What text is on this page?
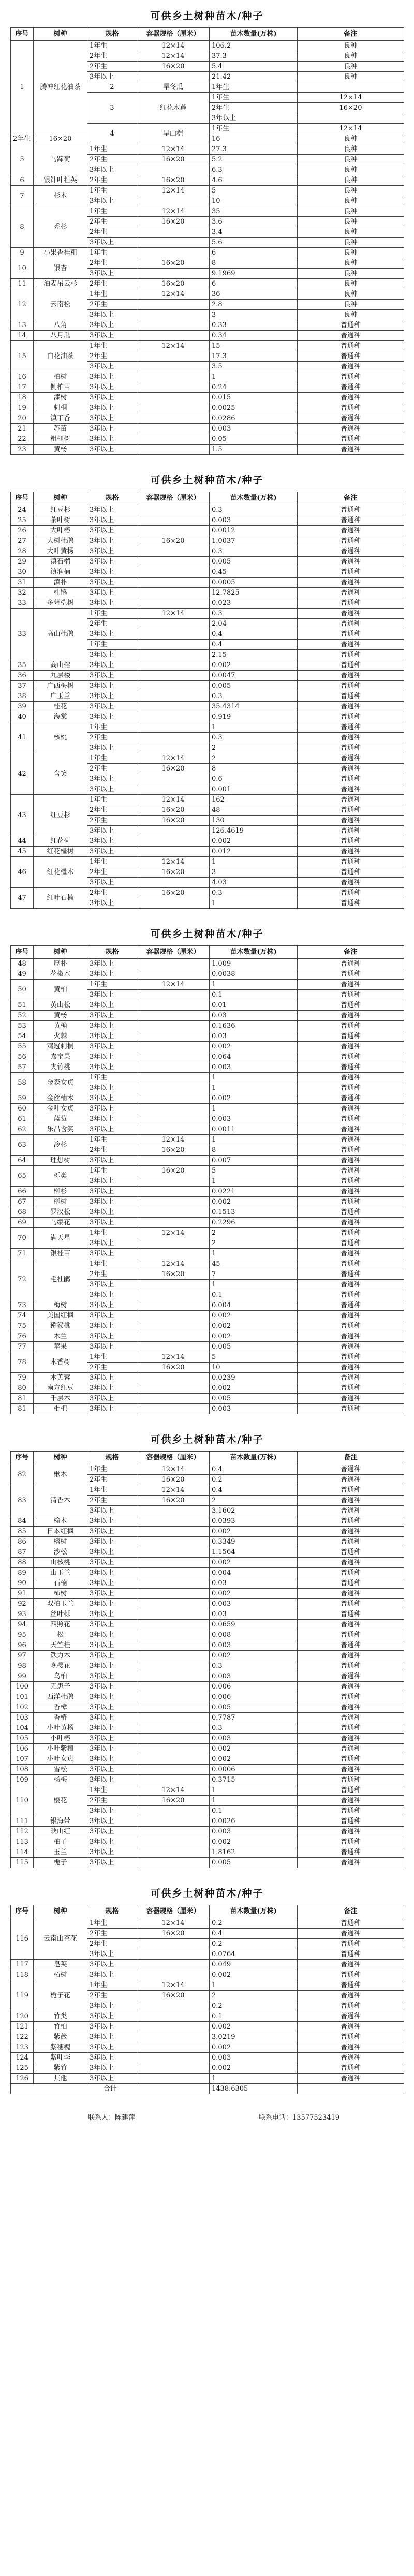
可供乡土树种苗木/种子
序号	树种	规格	容器规格（厘米）	苗木数量(万株)	备注	
1	腾冲红花油茶	1年生	12×14	106.2	良种	
		2年生	12×14	37.3	良种	
		2年生	16×20	5.4	良种	
		3年以上		21.42	良种	
		2	旱冬瓜	1年生			
		3	红花木莲	1年生	12×14		
				2年生	16×20		
				3年以上			
		4	旱山桤	1年生	12×14		
2年生	16×20			16	良种	
5	马蹄荷	1年生	12×14	27.3	良种	
		2年生	16×20	5.2	良种	
		3年以上		6.3	良种	
6	银针叶杜英	2年生	16×20	4.6	良种	
7	杉木	1年生	12×14	5	良种	
		3年以上		10	良种	
8	秃杉	1年生	12×14	35	良种	
		2年生	16×20	3.6	良种	
		2年生		3.4	良种	
		3年以上		5.6	良种	
9	小果香桂粗	1年生		6	良种	
10	银杏	2年生	16×20	8	良种	
		3年以上		9.1969	良种	
11	油麦吊云杉	2年生	16×20	6	良种	
12	云南松	1年生	12×14	36	良种	
		2年生		2.8	良种	
		3年以上		3	良种	
13	八角	3年以上		0.33	普通种	
14	八月瓜	3年以上		0.34	普通种	
15	白花油茶	1年生	12×14	15	普通种	
		2年生		17.3	普通种	
		3年以上		3.5	普通种	
16	柏树	3年以上		1	普通种	
17	侧柏苗	3年以上		0.24	普通种	
18	漆树	3年以上		0.015	普通种	
19	刺桐	3年以上		0.0025	普通种	
20	滇丁香	3年以上		0.0286	普通种	
21	苏苗	3年以上		0.003	普通种	
22	粗榧树	3年以上		0.05	普通种	
23	黄杨	3年以上		1.5	普通种	
可供乡土树种苗木/种子
序号	树种	规格	容器规格（厘米）	苗木数量(万株)	备注
24	红豆杉	3年以上		0.3	普通种
25	茶叶树	3年以上		0.003	普通种
26	大叶榕	3年以上		0.0012	普通种
27	大树杜鹃	3年以上	16×20	1.0037	普通种
28	大叶黄杨	3年以上		0.3	普通种
29	滇石榴	3年以上		0.005	普通种
30	滇润楠	3年以上		0.45	普通种
31	滇朴	3年以上		0.0005	普通种
32	杜鹃	3年以上		12.7825	普通种
33	多萼桤树	3年以上		0.023	普通种
33	高山杜鹃	1年生	12×14	0.3	普通种
		2年生		2.04	普通种
		3年以上		0.4	普通种
		1年生		0.4	普通种
		3年以上		2.15	普通种
35	高山榕	3年以上		0.002	普通种
36	九层楼	3年以上		0.0047	普通种
37	广西梅树	3年以上		0.005	普通种
38	广玉兰	3年以上		0.3	普通种
39	桂花	3年以上		35.4314	普通种
40	海棠	3年以上		0.919	普通种
41	核桃	1年生		1	普通种
		2年生		0.3	普通种
		3年以上		2	普通种
42	含笑	1年生	12×14	2	普通种
		2年生	16×20	8	普通种
		3年以上		0.6	普通种
		3年以上		0.001	普通种
43	红豆杉	1年生	12×14	162	普通种
		2年生	16×20	48	普通种
		2年生	16×20	130	普通种
		3年以上		126.4619	普通种
44	红花荷	3年以上		0.002	普通种
45	红花檵树	3年以上		0.012	普通种
46	红花檵木	1年生	12×14	1	普通种
		2年生	16×20	3	普通种
		3年以上		4.03	普通种
47	红叶石楠	2年生	16×20	0.3	普通种
		3年以上		1	普通种
可供乡土树种苗木/种子
序号	树种	规格	容器规格（厘米）	苗木数量(万株)	备注
48	厚朴	3年以上		1.009	普通种
49	花椒木	3年以上		0.0038	普通种
50	黄柏	1年生	12×14	1	普通种
		3年以上		0.1	普通种
51	黄山松	3年以上		0.01	普通种
52	黄杨	3年以上		0.03	普通种
53	黄桷	3年以上		0.1636	普通种
54	火棘	3年以上		0.03	普通种
55	鸡冠刺桐	3年以上		0.002	普通种
56	嘉宝果	3年以上		0.064	普通种
57	夹竹桃	3年以上		0.003	普通种
58	金森女贞	1年生		1	普通种
		3年以上		1	普通种
59	金丝楠木	3年以上		0.002	普通种
60	金叶女贞	3年以上		1	普通种
61	蓝莓	3年以上		0.003	普通种
62	乐昌含笑	3年以上		0.0011	普通种
63	冷杉	1年生	12×14	1	普通种
		2年生	16×20	8	普通种
64	理想树	3年以上		0.007	普通种
65	栎类	1年生	16×20	5	普通种
		3年以上		1	普通种
66	柳杉	3年以上		0.0221	普通种
67	柳树	3年以上		0.002	普通种
68	罗汉松	3年以上		0.1513	普通种
69	马缨花	3年以上		0.2296	普通种
70	满天星	1年生	12×14	2	普通种
		3年以上		2	普通种
71	银桂苗	3年以上		1	普通种
72	毛杜鹃	1年生	12×14	45	普通种
		2年生	16×20	7	普通种
		3年以上		1	普通种
		3年以上		0.1	普通种
73	梅树	3年以上		0.004	普通种
74	美国红枫	3年以上		0.002	普通种
75	猕猴桃	3年以上		0.002	普通种
76	木兰	3年以上		0.002	普通种
77	苹果	3年以上		0.005	普通种
78	木香树	1年生	12×14	5	普通种
		2年生	16×20	10	普通种
79	木芙蓉	3年以上		0.0239	普通种
80	南方红豆	3年以上		0.002	普通种
81	千层木	3年以上		0.005	普通种
81	枇杷	3年以上		0.003	普通种
可供乡土树种苗木/种子
序号	树种	规格	容器规格（厘米）	苗木数量(万株)	备注
82	楸木	1年生	12×14	0.4	普通种
		2年生	16×20	0.2	普通种
83	清香木	1年生	12×14	0.4	普通种
		2年生	16×20	2	普通种
		3年以上		3.1602	普通种
84	榆木	3年以上		0.0393	普通种
85	日本红枫	3年以上		0.002	普通种
86	榕树	3年以上		0.3349	普通种
87	沙松	3年以上		1.1564	普通种
88	山核桃	3年以上		0.002	普通种
89	山玉兰	3年以上		0.004	普通种
90	石楠	3年以上		0.03	普通种
91	柿树	3年以上		0.002	普通种
92	双柏玉兰	3年以上		0.003	普通种
93	丝叶栎	3年以上		0.03	普通种
94	四照花	3年以上		0.0659	普通种
95	松	3年以上		0.008	普通种
96	天竺桂	3年以上		0.003	普通种
97	铁力木	3年以上		0.002	普通种
98	晚樱花	3年以上		0.3	普通种
99	乌桕	3年以上		0.003	普通种
100	无患子	3年以上		0.006	普通种
101	西洋杜鹃	3年以上		0.006	普通种
102	香樟	3年以上		0.005	普通种
103	香椿	3年以上		0.7787	普通种
104	小叶黄杨	3年以上		0.3	普通种
105	小叶榕	3年以上		0.003	普通种
106	小叶紫檀	3年以上		0.002	普通种
107	小叶女贞	3年以上		0.002	普通种
108	雪松	3年以上		0.0006	普通种
109	杨梅	3年以上		0.3715	普通种
110	樱花	1年生	12×14	1	普通种
		2年生	16×20	1	普通种
		3年以上		0.1	普通种
111	银海带	3年以上		0.0026	普通种
112	映山红	3年以上		0.003	普通种
113	柚子	3年以上		0.002	普通种
114	玉兰	3年以上		1.8162	普通种
115	栀子	3年以上		0.005	普通种
可供乡土树种苗木/种子
序号	树种	规格	容器规格（厘米）	苗木数量(万株)	备注
116	云南山茶花	1年生	12×14	0.2	普通种
		2年生	16×20	0.4	普通种
		2年生		0.2	普通种
		3年以上		0.0764	普通种
117	皂荚	3年以上		0.049	普通种
118	柘树	3年以上		0.002	普通种
119	栀子花	1年生	12×14	1	普通种
		2年生	16×20	2	普通种
		3年以上		0.2	普通种
120	竹类	3年以上		0.1	普通种
121	竹柏	3年以上		0.002	普通种
122	紫薇	3年以上		3.0219	普通种
123	紫穗槐	3年以上		0.002	普通种
124	紫叶李	3年以上		0.003	普通种
125	紫竹	3年以上		0.002	普通种
126	其他	3年以上		1	普通种
合计				1438.6305	
联系人：陈建萍	联系电话：13577523419
